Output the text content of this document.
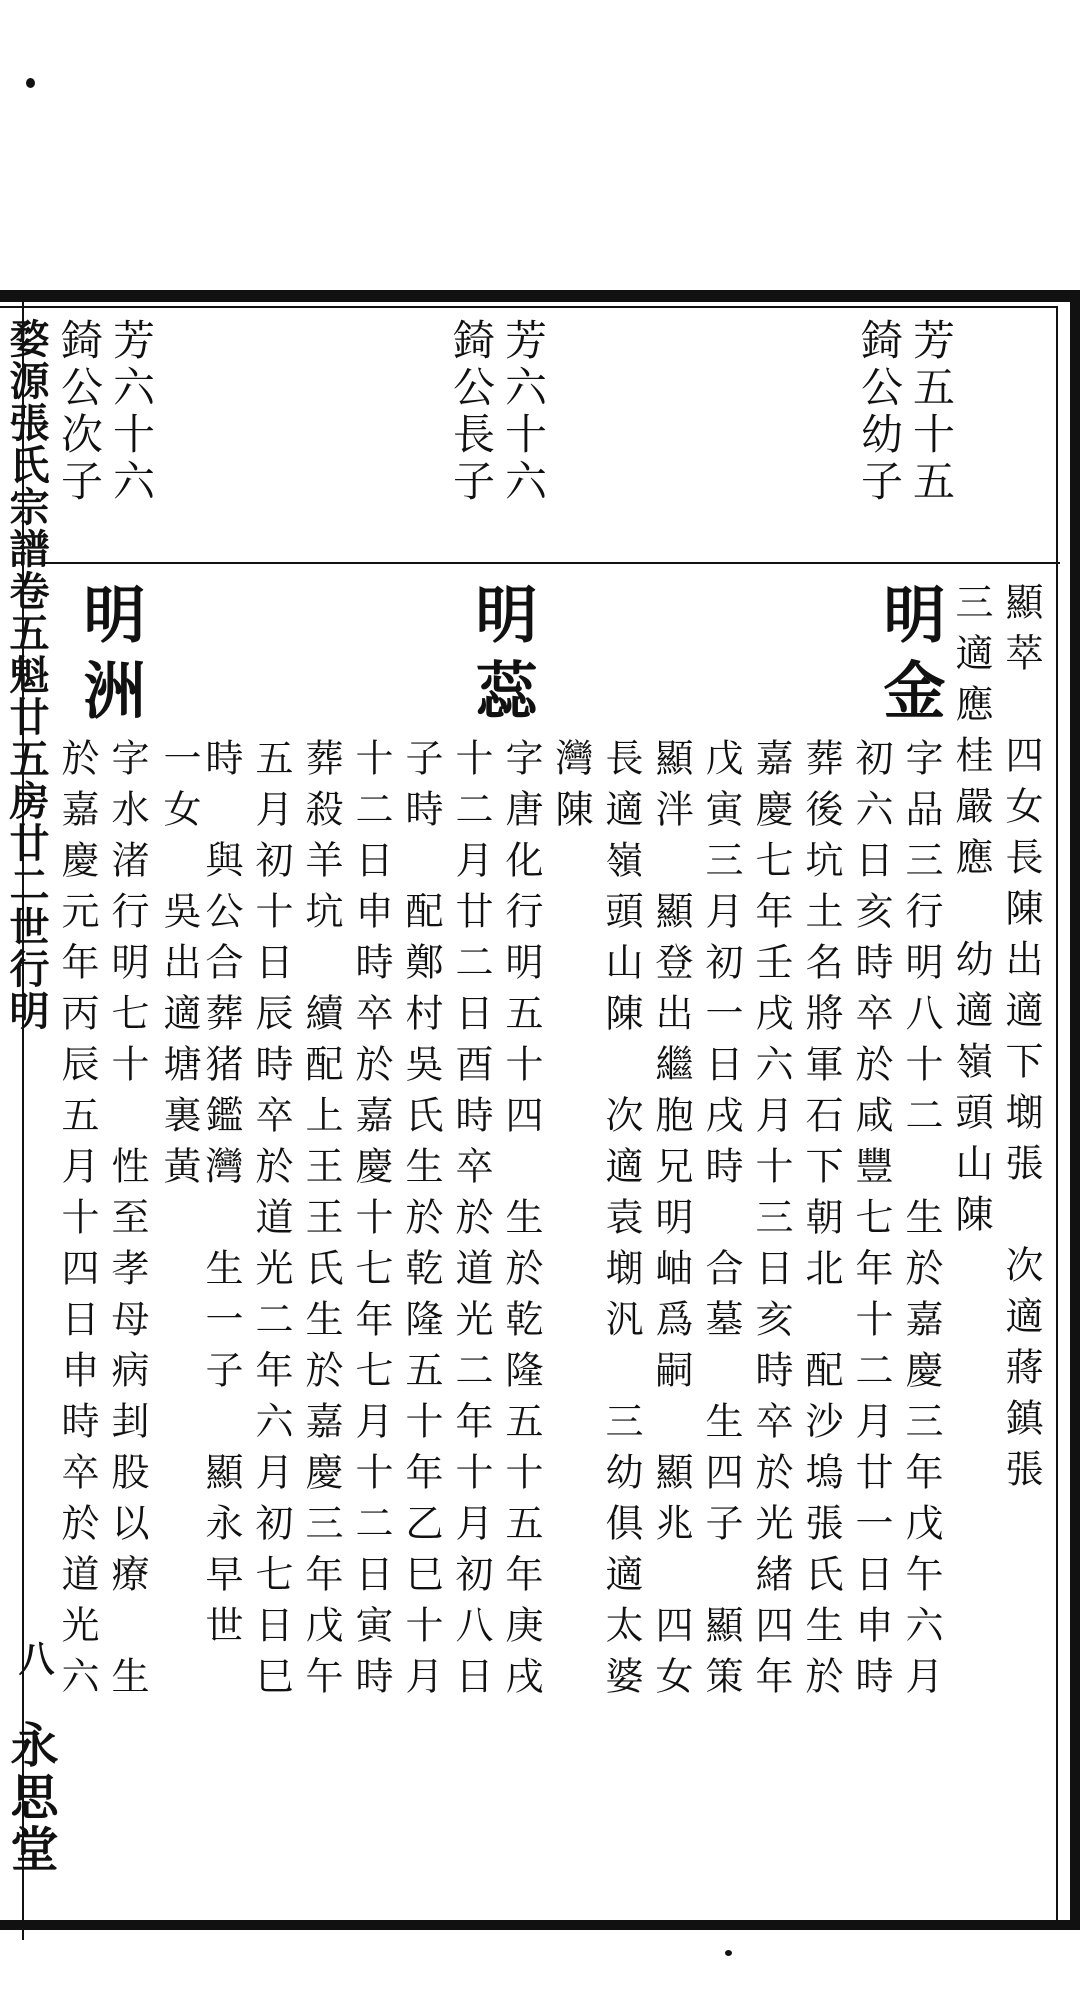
婺源張氏宗譜卷五魁廿五房廿二世行明
八
永思堂
芳五十五
錡公幼子
明金 顯萃　四女長陳出適下㙟張　次適蔣鎮張
三適應桂嚴應　幼適嶺頭山陳
字品三行明八十二　生於嘉慶三年戊午六月
初六日亥時卒於咸豐七年十二月廿一日申時
葬後坑土名將軍石下朝北　配沙塢張氏生於
嘉慶七年壬戌六月十三日亥時卒於光緒四年
戊寅三月初一日戌時　合墓　生四子　顯策
顯泮　顯登出繼胞兄明岫爲嗣　顯兆　四女
長適嶺頭山陳　次適袁㙟汎　三幼俱適太婆
灣陳
芳六十六
錡公長子
明蕊
字唐化行明五十四　生於乾隆五十五年庚戌
十二月廿二日酉時卒於道光二年十月初八日
子時　配鄭村吳氏生於乾隆五十年乙巳十月
十二日申時卒於嘉慶十七年七月十二日寅時
葬殺羊坑　續配上王王氏生於嘉慶三年戊午
五月初十日辰時卒於道光二年六月初七日巳
時　與公合葬猪鑑灣　生一子　顯永早世
芳六十六
錡公次子
明洲
字水渚行明七十　性至孝母病刲股以療　生
於嘉慶元年丙辰五月十四日申時卒於道光六 一女　吳出適塘裏黃
